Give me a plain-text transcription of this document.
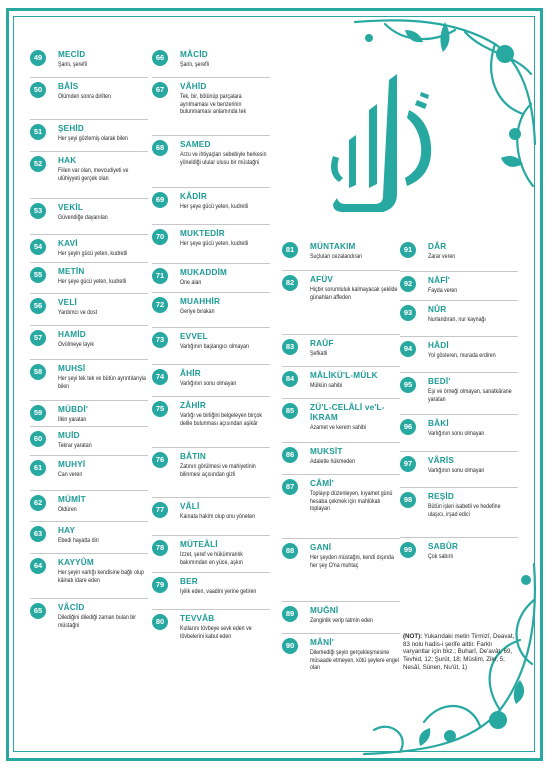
49	MECİD
Şanlı, şerefli
50	BÂİS
Ölümden sonra dirilten
51	ŞEHİD
Her şeyi gözlemiş olarak bilen
52	HAK
Fiilen var olan, mevcudiyeti ve ulûhiyyeti gerçek olan
53	VEKİL
Güvendiğe dayanılan
54	KAVİ
Her şeyin gücü yeten, kudretli
55	METİN
Her şeye gücü yeten, kudretli
56	VELİ
Yardımcı ve dost
57	HAMİD
Övülmeye layık
58	MUHSİ
Her şeyi tek tek ve bütün ayrıntılarıyla bilen
59	MÜBDİ'
İlkin yaratan
60	MUİD
Tekrar yaratan
61	MUHYİ
Can veren
62	MÜMİT
Öldüren
63	HAY
Ebedi hayatta diri
64	KAYYÛM
Her şeyin varlığı kendisine bağlı olup kâinatı idare eden
65	VÂCİD
Dilediğini dilediği zaman bulan bir müstağni
66	MÂCİD
Şanlı, şerefli
67	VÂHİD
Tek, bir, bölünüp parçalara ayrılmaması ve benzerinin bulunmaması anlamında tek
68	SAMED
Arzu ve ihtiyaçları sebebiyle herkesin yöneldiği ulular ulusu bir müstağni
69	KÂDİR
Her şeye gücü yeten, kudretli
70	MUKTEDİR
Her şeye gücü yeten, kudretli
71	MUKADDİM
Öne alan
72	MUAHHİR
Geriye bırakan
73	EVVEL
Varlığının başlangıcı olmayan
74	ÂHİR
Varlığının sonu olmayan
75	ZÂHİR
Varlığı ve birliğini belgeleyen birçok delile bulunması açısından aşikâr
76	BÂTIN
Zatının görülmesi ve mahiyetinin bilinmesi açısından gizli
77	VÂLİ
Kainata hakim olup onu yöneten
78	MÜTEÂLİ
İzzet, şeref ve hükümranlık bakımından en yüce, aşkın
79	BER
İyilik eden, vaadini yerine getiren
80	TEVVÂB
Kullarını tövbeye sevk eden ve tövbelerini kabul eden
81	MÜNTAKIM
Suçluları cezalandıran
82	AFÜV
Hiçbir sorumluluk kalmayacak şekilde günahları affeden
83	RAÛF
Şefkatli
84	MÂLİKÜ'L-MÜLK
Mülkün sahibi
85	ZÜ'L-CELÂLİ ve'L-İKRAM
Azamet ve kerem sahibi
86	MUKSİT
Adaletle hükmeden
87	CÂMİ'
Toplayıp düzenleyen, kıyamet günü hesaba çekmek için mahlûkatı toplayan
88	GANİ
Her şeyden müstağni, kendi dışında her şey O'na muhtaç
89	MUĞNİ
Zenginlik verip tatmin eden
90	MÂNİ'
Dilemediği şeyin gerçekleşmesine müsaade etmeyen, kötü şeylere engel olan
91	DÂR
Zarar veren
92	NÂFİ'
Fayda veren
93	NÛR
Nurlandıran, nur kaynağı
94	HÂDİ
Yol gösteren, murada erdiren
95	BEDİ'
Eşi ve örneği olmayan, sanatkârane yaratan
96	BÂKİ
Varlığının sonu olmayan
97	VÂRİS
Varlığının sonu olmayan
98	REŞİD
Bütün işleri isabetli ve hedefine ulaşıcı, irşad edici
99	SABÛR
Çok sabırlı
(NOT): Yukarıdaki metin Tirmizî, Deavat, 83 nolu hadis-i şerife aittir. Farklı varyantlar için bkz.; Buharî, De'avât, 69, Tevhid, 12; Şurût, 18; Müslim, Zikr, 5; Nesâî, Sünen, Nu'ût, 1)
